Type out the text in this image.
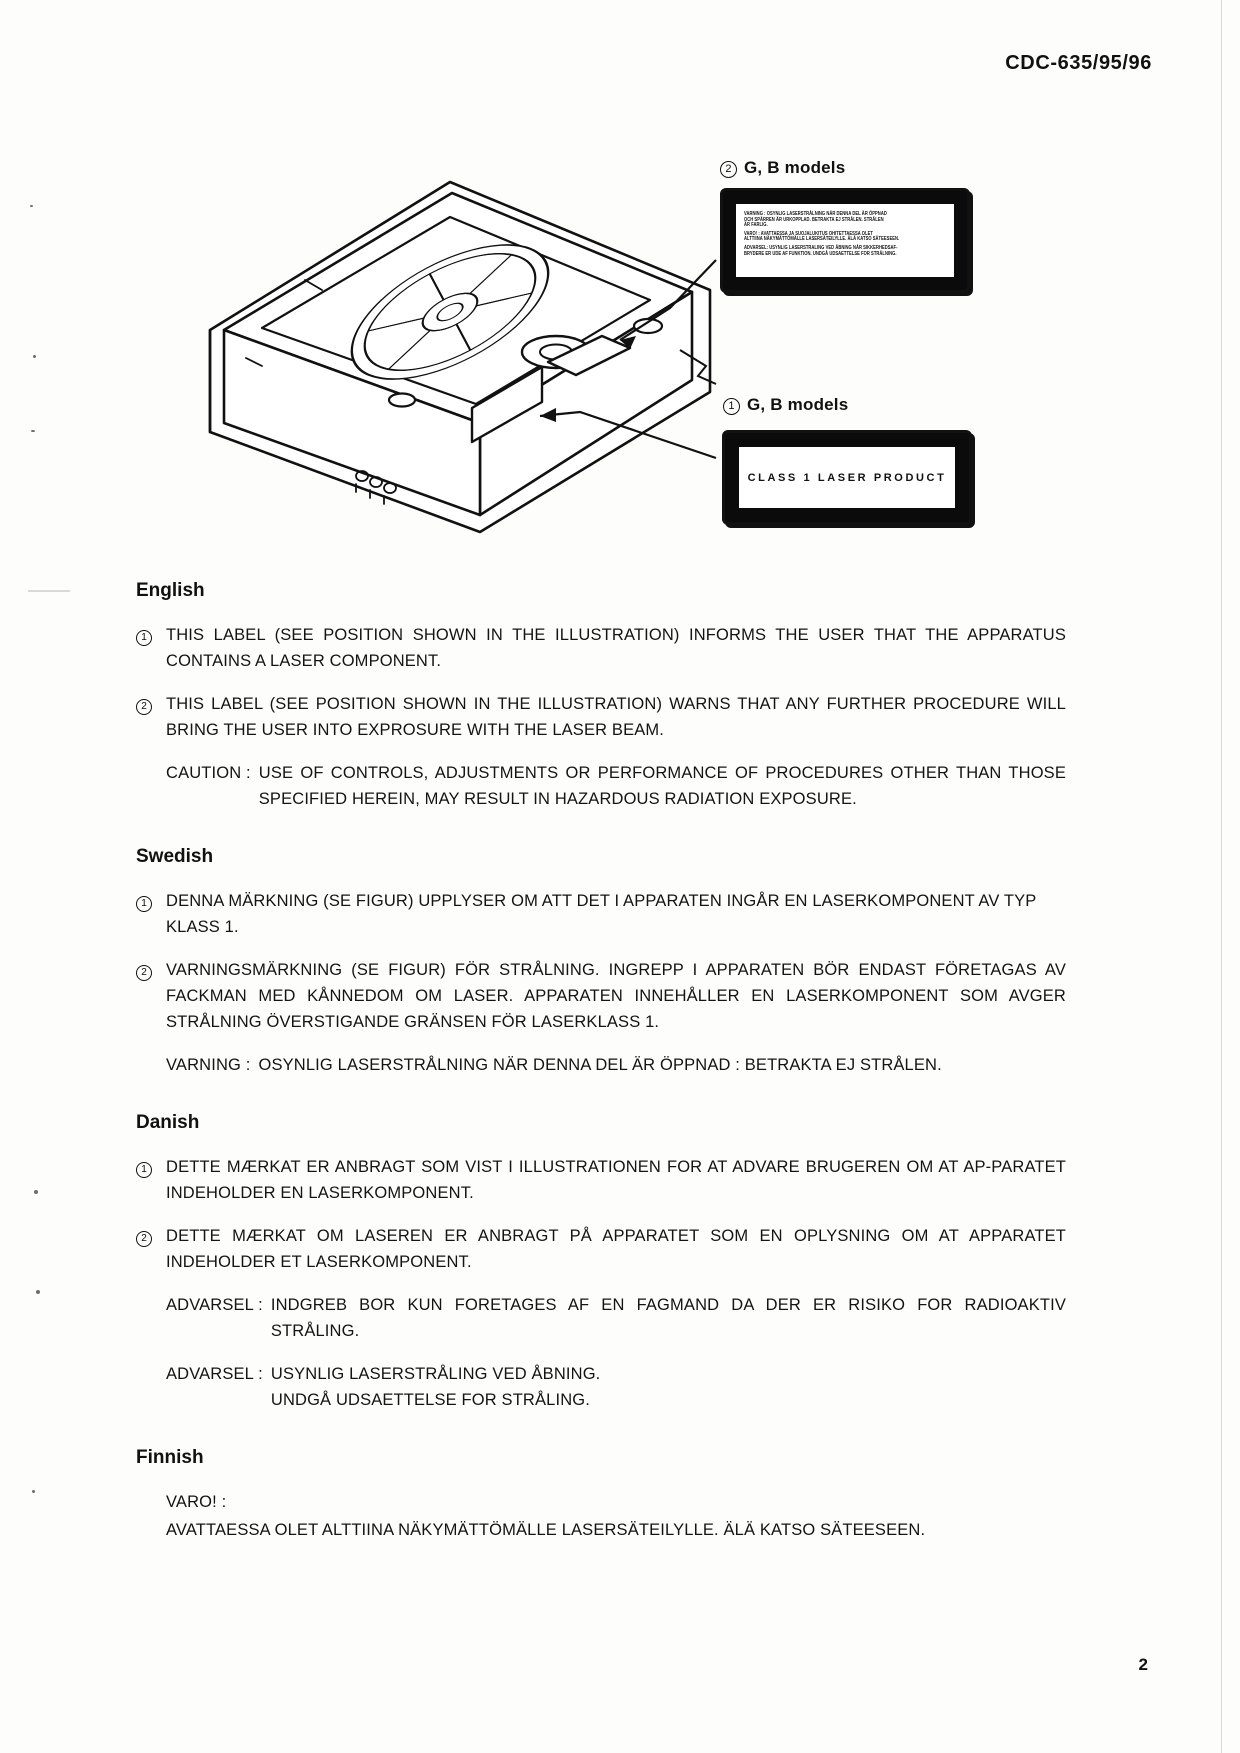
CDC-635/95/96
2 G, B models
VARNING : OSYNLIG LASERSTRÅLNING NÄR DENNA DEL ÄR ÖPPNAD
OCH SPÄRREN ÄR URKOPPLAD. BETRAKTA EJ STRÅLEN. STRÅLEN
ÄR FARLIG.
VARO! : AVATTAESSA JA SUOJALUKITUS OHITETTAESSA OLET
ALTTIINA NÄKYMÄTTÖMÄLLE LASERSÄTEILYLLE. ÄLÄ KATSO SÄTEESEEN.
ADVARSEL: USYNLIG LASERSTRALING VED ÅBNING NÅR SIKKERHEDSAF-
BRYDERE ER UDE AF FUNKTION. UNDGÅ UDSAETTELSE FOR STRÅLNING.
1 G, B models
CLASS 1 LASER PRODUCT
English
1	THIS LABEL (SEE POSITION SHOWN IN THE ILLUSTRATION) INFORMS THE USER THAT THE APPARATUS CONTAINS A LASER COMPONENT.
2	THIS LABEL (SEE POSITION SHOWN IN THE ILLUSTRATION) WARNS THAT ANY FURTHER PROCEDURE WILL BRING THE USER INTO EXPROSURE WITH THE LASER BEAM.
CAUTION : USE OF CONTROLS, ADJUSTMENTS OR PERFORMANCE OF PROCEDURES OTHER THAN THOSE SPECIFIED HEREIN, MAY RESULT IN HAZARDOUS RADIATION EXPOSURE.
Swedish
1	DENNA MÄRKNING (SE FIGUR) UPPLYSER OM ATT DET I APPARATEN INGÅR EN LASERKOMPONENT AV TYP KLASS 1.
2	VARNINGSMÄRKNING (SE FIGUR) FÖR STRÅLNING. INGREPP I APPARATEN BÖR ENDAST FÖRETAGAS AV FACKMAN MED KÅNNEDOM OM LASER. APPARATEN INNEHÅLLER EN LASERKOMPONENT SOM AVGER STRÅLNING ÖVERSTIGANDE GRÄNSEN FÖR LASERKLASS 1.
VARNING : OSYNLIG LASERSTRÅLNING NÄR DENNA DEL ÄR ÖPPNAD : BETRAKTA EJ STRÅLEN.
Danish
1	DETTE MÆRKAT ER ANBRAGT SOM VIST I ILLUSTRATIONEN FOR AT ADVARE BRUGEREN OM AT AP-PARATET INDEHOLDER EN LASERKOMPONENT.
2	DETTE MÆRKAT OM LASEREN ER ANBRAGT PÅ APPARATET SOM EN OPLYSNING OM AT APPARATET INDEHOLDER ET LASERKOMPONENT.
ADVARSEL : INDGREB BOR KUN FORETAGES AF EN FAGMAND DA DER ER RISIKO FOR RADIOAKTIV STRÅLING.
ADVARSEL : USYNLIG LASERSTRÅLING VED ÅBNING.
UNDGÅ UDSAETTELSE FOR STRÅLING.
Finnish
VARO! :
AVATTAESSA OLET ALTTIINA NÄKYMÄTTÖMÄLLE LASERSÄTEILYLLE. ÄLÄ KATSO SÄTEESEEN.
2
